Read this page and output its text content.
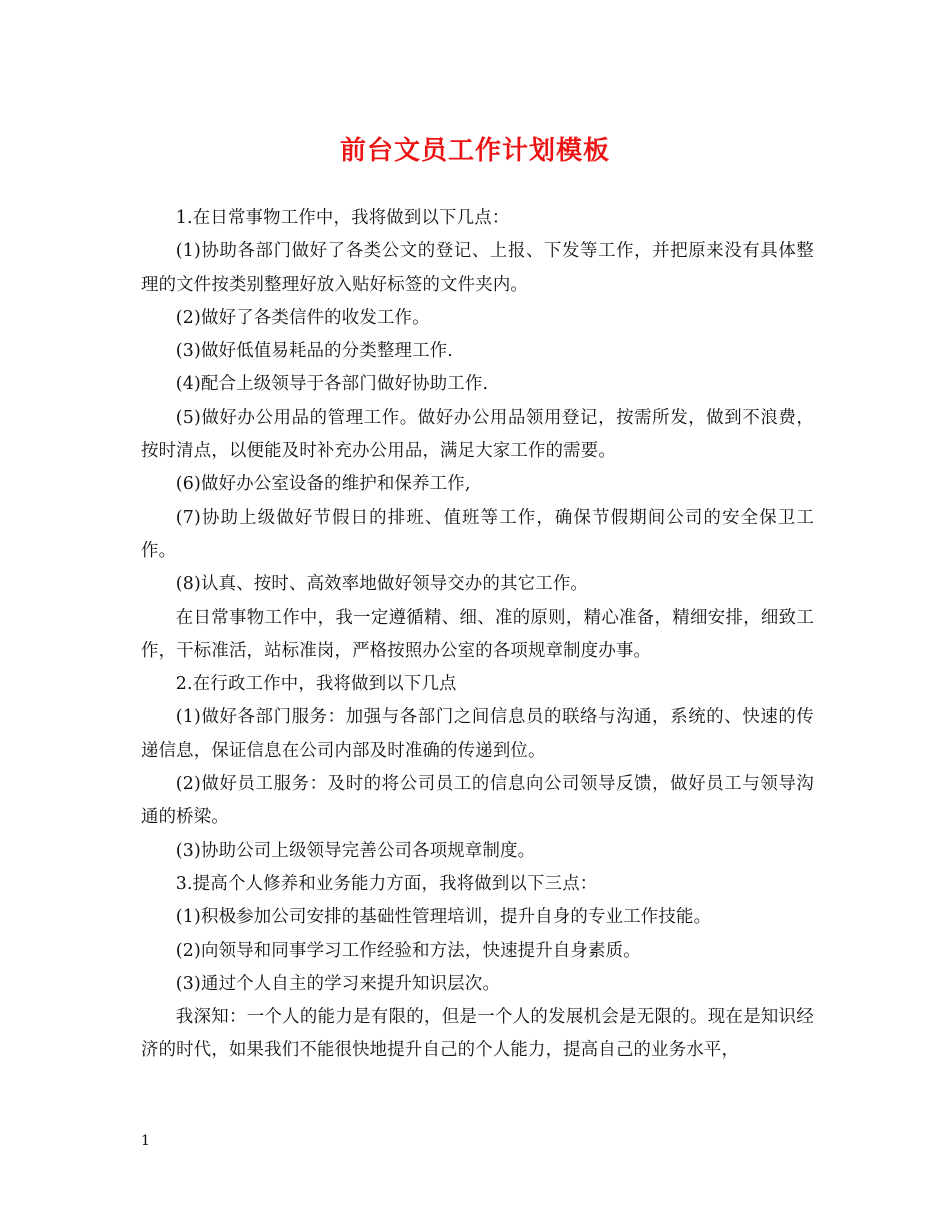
前台文员工作计划模板

1.在日常事物工作中，我将做到以下几点：

(1)协助各部门做好了各类公文的登记、上报、下发等工作，并把原来没有具体整理的文件按类别整理好放入贴好标签的文件夹内。

(2)做好了各类信件的收发工作。

(3)做好低值易耗品的分类整理工作.

(4)配合上级领导于各部门做好协助工作.

(5)做好办公用品的管理工作。做好办公用品领用登记，按需所发，做到不浪费，按时清点，以便能及时补充办公用品，满足大家工作的需要。

(6)做好办公室设备的维护和保养工作,

(7)协助上级做好节假日的排班、值班等工作，确保节假期间公司的安全保卫工作。

(8)认真、按时、高效率地做好领导交办的其它工作。

在日常事物工作中，我一定遵循精、细、准的原则，精心准备，精细安排，细致工作，干标准活，站标准岗，严格按照办公室的各项规章制度办事。

2.在行政工作中，我将做到以下几点

(1)做好各部门服务：加强与各部门之间信息员的联络与沟通，系统的、快速的传递信息，保证信息在公司内部及时准确的传递到位。

(2)做好员工服务：及时的将公司员工的信息向公司领导反馈，做好员工与领导沟通的桥梁。

(3)协助公司上级领导完善公司各项规章制度。

3.提高个人修养和业务能力方面，我将做到以下三点：

(1)积极参加公司安排的基础性管理培训，提升自身的专业工作技能。

(2)向领导和同事学习工作经验和方法，快速提升自身素质。

(3)通过个人自主的学习来提升知识层次。

我深知：一个人的能力是有限的，但是一个人的发展机会是无限的。现在是知识经济的时代，如果我们不能很快地提升自己的个人能力，提高自己的业务水平，

1
